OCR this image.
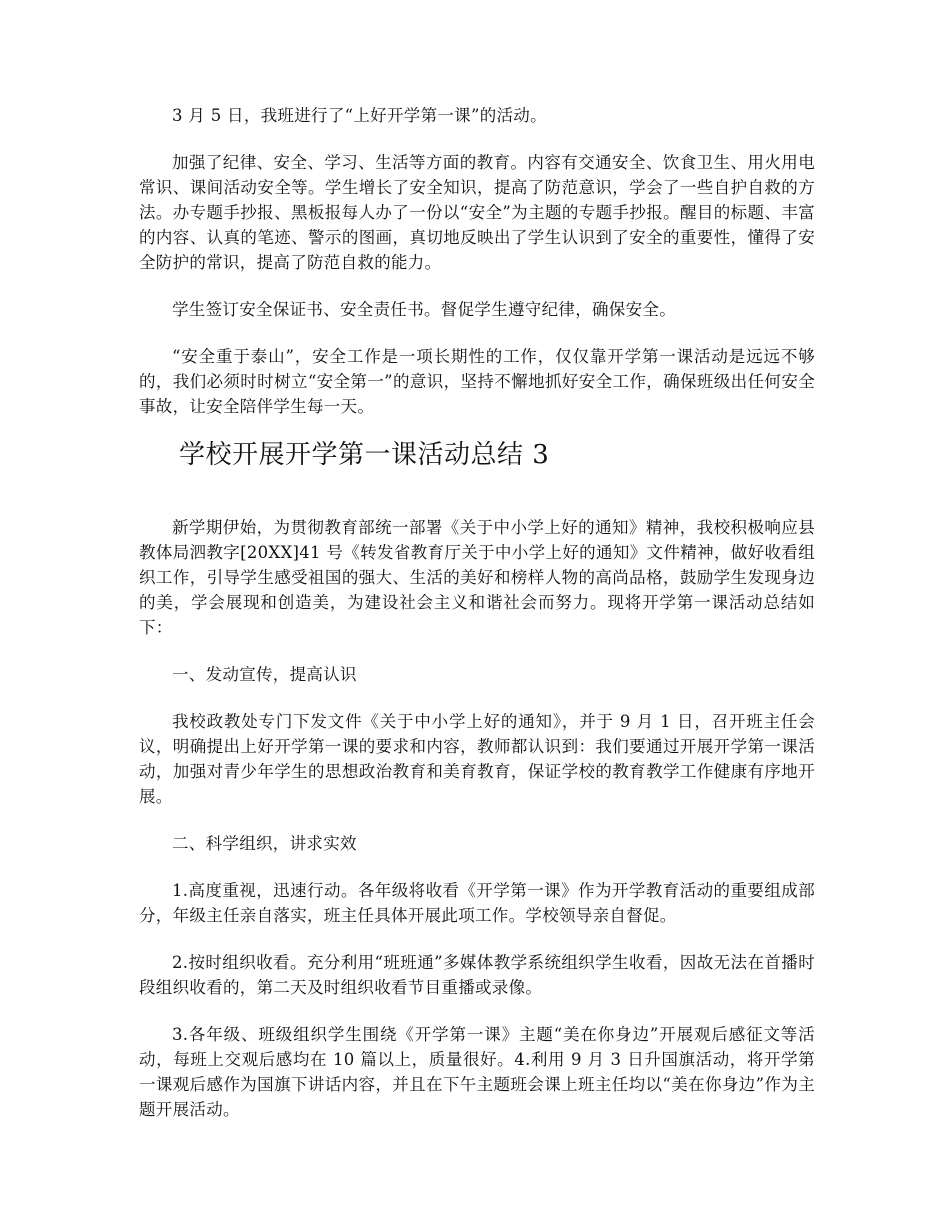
3 月 5 日，我班进行了“上好开学第一课”的活动。

加强了纪律、安全、学习、生活等方面的教育。内容有交通安全、饮食卫生、用火用电常识、课间活动安全等。学生增长了安全知识，提高了防范意识，学会了一些自护自救的方法。办专题手抄报、黑板报每人办了一份以“安全”为主题的专题手抄报。醒目的标题、丰富的内容、认真的笔迹、警示的图画，真切地反映出了学生认识到了安全的重要性，懂得了安全防护的常识，提高了防范自救的能力。

学生签订安全保证书、安全责任书。督促学生遵守纪律，确保安全。

“安全重于泰山”，安全工作是一项长期性的工作，仅仅靠开学第一课活动是远远不够的，我们必须时时树立“安全第一”的意识，坚持不懈地抓好安全工作，确保班级出任何安全事故，让安全陪伴学生每一天。

学校开展开学第一课活动总结 3

新学期伊始，为贯彻教育部统一部署《关于中小学上好的通知》精神，我校积极响应县教体局泗教字[20XX]41 号《转发省教育厅关于中小学上好的通知》文件精神，做好收看组织工作，引导学生感受祖国的强大、生活的美好和榜样人物的高尚品格，鼓励学生发现身边的美，学会展现和创造美，为建设社会主义和谐社会而努力。现将开学第一课活动总结如下：

一、发动宣传，提高认识

我校政教处专门下发文件《关于中小学上好的通知》，并于 9 月 1 日，召开班主任会议，明确提出上好开学第一课的要求和内容，教师都认识到：我们要通过开展开学第一课活动，加强对青少年学生的思想政治教育和美育教育，保证学校的教育教学工作健康有序地开展。

二、科学组织，讲求实效

1.高度重视，迅速行动。各年级将收看《开学第一课》作为开学教育活动的重要组成部分，年级主任亲自落实，班主任具体开展此项工作。学校领导亲自督促。

2.按时组织收看。充分利用“班班通”多媒体教学系统组织学生收看，因故无法在首播时段组织收看的，第二天及时组织收看节目重播或录像。

3.各年级、班级组织学生围绕《开学第一课》主题“美在你身边”开展观后感征文等活动，每班上交观后感均在 10 篇以上，质量很好。4.利用 9 月 3 日升国旗活动，将开学第一课观后感作为国旗下讲话内容，并且在下午主题班会课上班主任均以“美在你身边”作为主题开展活动。
